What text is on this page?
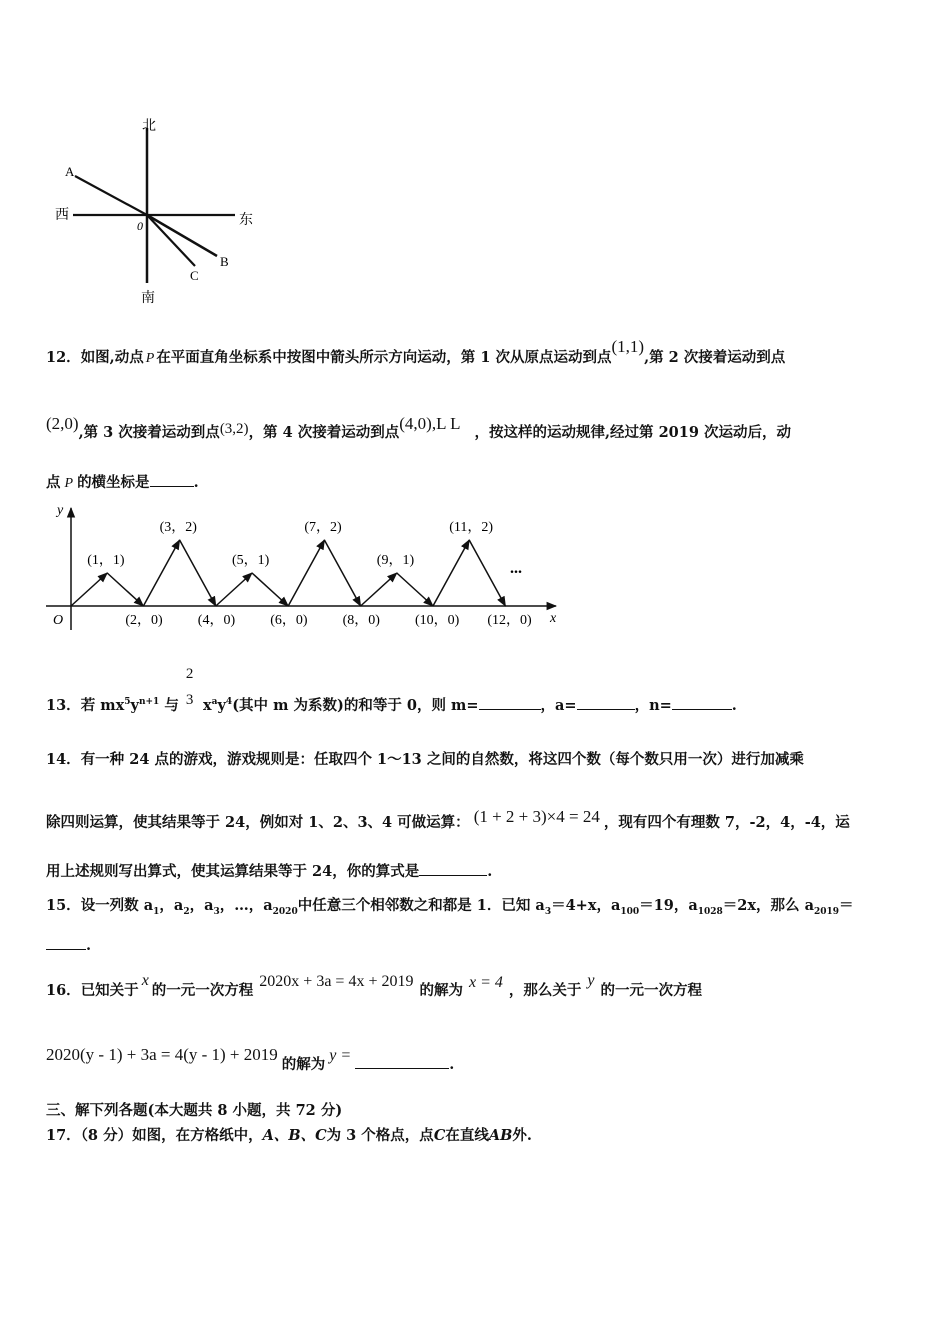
北
南
西	东
0
A
B
C
12．如图,动点 P 在平面直角坐标系中按图中箭头所示方向运动，第 1 次从原点运动到点(1,1),第 2 次接着运动到点
(2,0),第 3 次接着运动到点(3,2)，第 4 次接着运动到点(4,0),L L ，按这样的运动规律,经过第 2019 次运动后，动
点 P 的横坐标是	.
x
y
...
O
(1，1)
(2，0)
(3，2)
(4，0)
(5，1)
(6，0)
(7，2)
(8，0)
(9，1)
(10，0)
(11，2)
(12，0)
13．若 $mx^5y^{n+1}$ 与
2
3 $x^ay^4$(其中 m 为系数)的和等于 0，则 m=	，a=	，n=	.
14．有一种 24 点的游戏，游戏规则是：任取四个 1～13 之间的自然数，将这四个数（每个数只用一次）进行加减乘
除四则运算，使其结果等于 24，例如对 1、2、3、4 可做运算： (1 + 2 + 3)×4 = 24 ，现有四个有理数 7，-2，4，-4，运
用上述规则写出算式，使其运算结果等于 24，你的算式是	.
15．设一列数 $a_1$，$a_2$，$a_3$，…，$a_{2020}$中任意三个相邻数之和都是 1．已知 $a_3=4+x$，$a_{100}=19$，$a_{1028}=2x$，那么 $a_{2019}=$
.
16．已知关于x的一元一次方程2020x + 3a = 4x + 2019的解为 x = 4 ，那么关于y的一元一次方程
2020(y - 1) + 3a = 4(y - 1) + 2019的解为y =.
三、解下列各题(本大题共 8 小题，共 72 分)
17．（8 分）如图，在方格纸中，A、B、C为 3 个格点，点C在直线AB外.
